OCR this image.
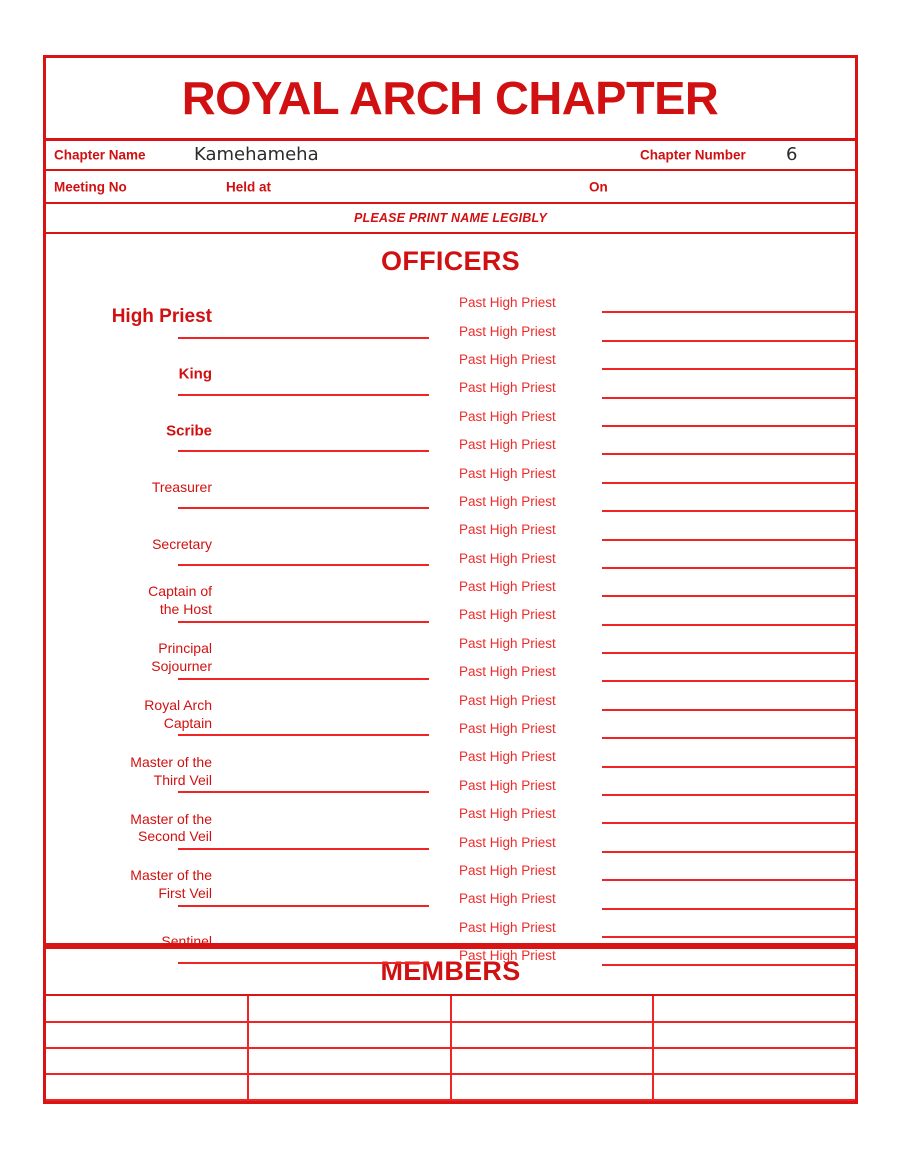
ROYAL ARCH CHAPTER
Chapter Name	Kamehameha	Chapter Number 6
Meeting No	Held at	On
PLEASE PRINT NAME LEGIBLY
OFFICERS
High Priest
King
Scribe
Treasurer
Secretary
Captain of
the Host
Principal
Sojourner
Royal Arch
Captain
Master of the
Third Veil
Master of the
Second Veil
Master of the
First Veil
Sentinel
Past High Priest
Past High Priest
Past High Priest
Past High Priest
Past High Priest
Past High Priest
Past High Priest
Past High Priest
Past High Priest
Past High Priest
Past High Priest
Past High Priest
Past High Priest
Past High Priest
Past High Priest
Past High Priest
Past High Priest
Past High Priest
Past High Priest
Past High Priest
Past High Priest
Past High Priest
Past High Priest
Past High Priest
MEMBERS
